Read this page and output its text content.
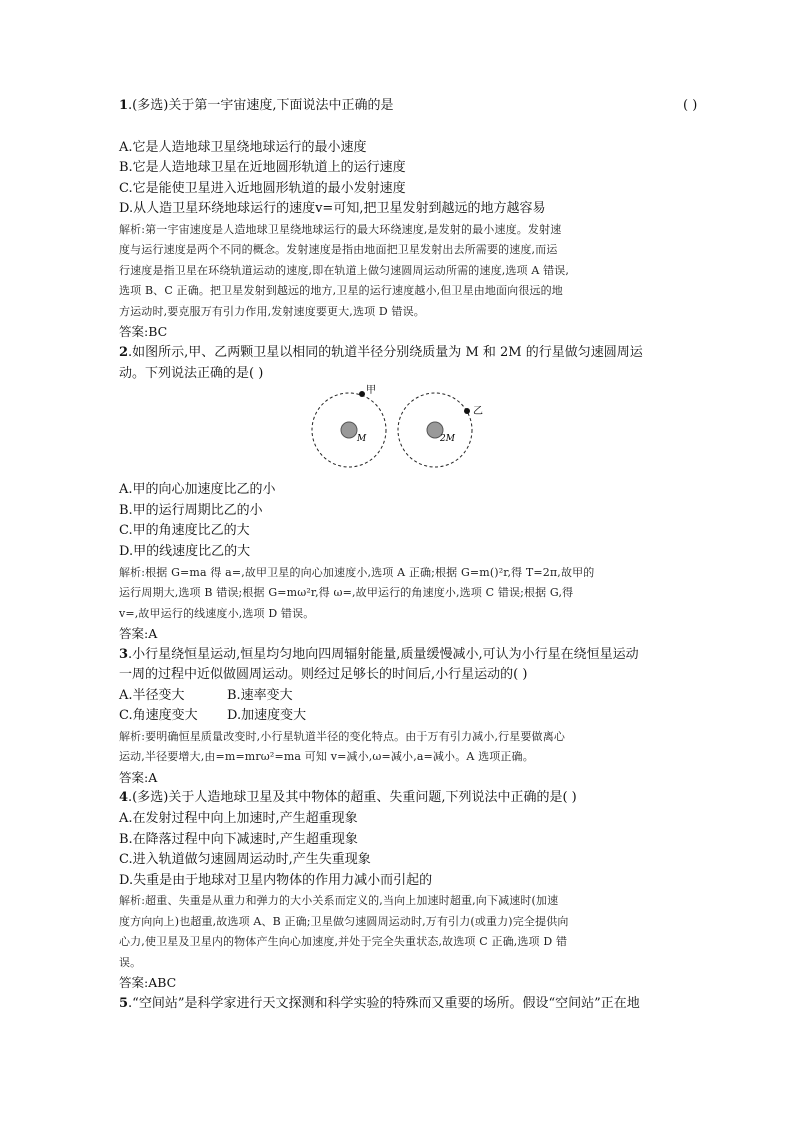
1.(多选)关于第一宇宙速度,下面说法中正确的是	( )
A.它是人造地球卫星绕地球运行的最小速度
B.它是人造地球卫星在近地圆形轨道上的运行速度
C.它是能使卫星进入近地圆形轨道的最小发射速度
D.从人造卫星环绕地球运行的速度v=可知,把卫星发射到越远的地方越容易
解析:第一宇宙速度是人造地球卫星绕地球运行的最大环绕速度,是发射的最小速度。发射速
度与运行速度是两个不同的概念。发射速度是指由地面把卫星发射出去所需要的速度,而运
行速度是指卫星在环绕轨道运动的速度,即在轨道上做匀速圆周运动所需的速度,选项 A 错误,
选项 B、C 正确。把卫星发射到越远的地方,卫星的运行速度越小,但卫星由地面向很远的地
方运动时,要克服万有引力作用,发射速度要更大,选项 D 错误。
答案:BC
2.如图所示,甲、乙两颗卫星以相同的轨道半径分别绕质量为 M 和 2M 的行星做匀速圆周运
动。下列说法正确的是( )
甲
M
乙
2M
A.甲的向心加速度比乙的小
B.甲的运行周期比乙的小
C.甲的角速度比乙的大
D.甲的线速度比乙的大
解析:根据 G=ma 得 a=,故甲卫星的向心加速度小,选项 A 正确;根据 G=m()²r,得 T=2π,故甲的
运行周期大,选项 B 错误;根据 G=mω²r,得 ω=,故甲运行的角速度小,选项 C 错误;根据 G,得
v=,故甲运行的线速度小,选项 D 错误。
答案:A
3.小行星绕恒星运动,恒星均匀地向四周辐射能量,质量缓慢减小,可认为小行星在绕恒星运动
一周的过程中近似做圆周运动。则经过足够长的时间后,小行星运动的( )
A.半径变大	B.速率变大
C.角速度变大	D.加速度变大
解析:要明确恒星质量改变时,小行星轨道半径的变化特点。由于万有引力减小,行星要做离心
运动,半径要增大,由=m=mrω²=ma 可知 v=减小,ω=减小,a=减小。A 选项正确。
答案:A
4.(多选)关于人造地球卫星及其中物体的超重、失重问题,下列说法中正确的是( )
A.在发射过程中向上加速时,产生超重现象
B.在降落过程中向下减速时,产生超重现象
C.进入轨道做匀速圆周运动时,产生失重现象
D.失重是由于地球对卫星内物体的作用力减小而引起的
解析:超重、失重是从重力和弹力的大小关系而定义的,当向上加速时超重,向下减速时(加速
度方向向上)也超重,故选项 A、B 正确;卫星做匀速圆周运动时,万有引力(或重力)完全提供向
心力,使卫星及卫星内的物体产生向心加速度,并处于完全失重状态,故选项 C 正确,选项 D 错
误。
答案:ABC
5.“空间站”是科学家进行天文探测和科学实验的特殊而又重要的场所。假设“空间站”正在地
